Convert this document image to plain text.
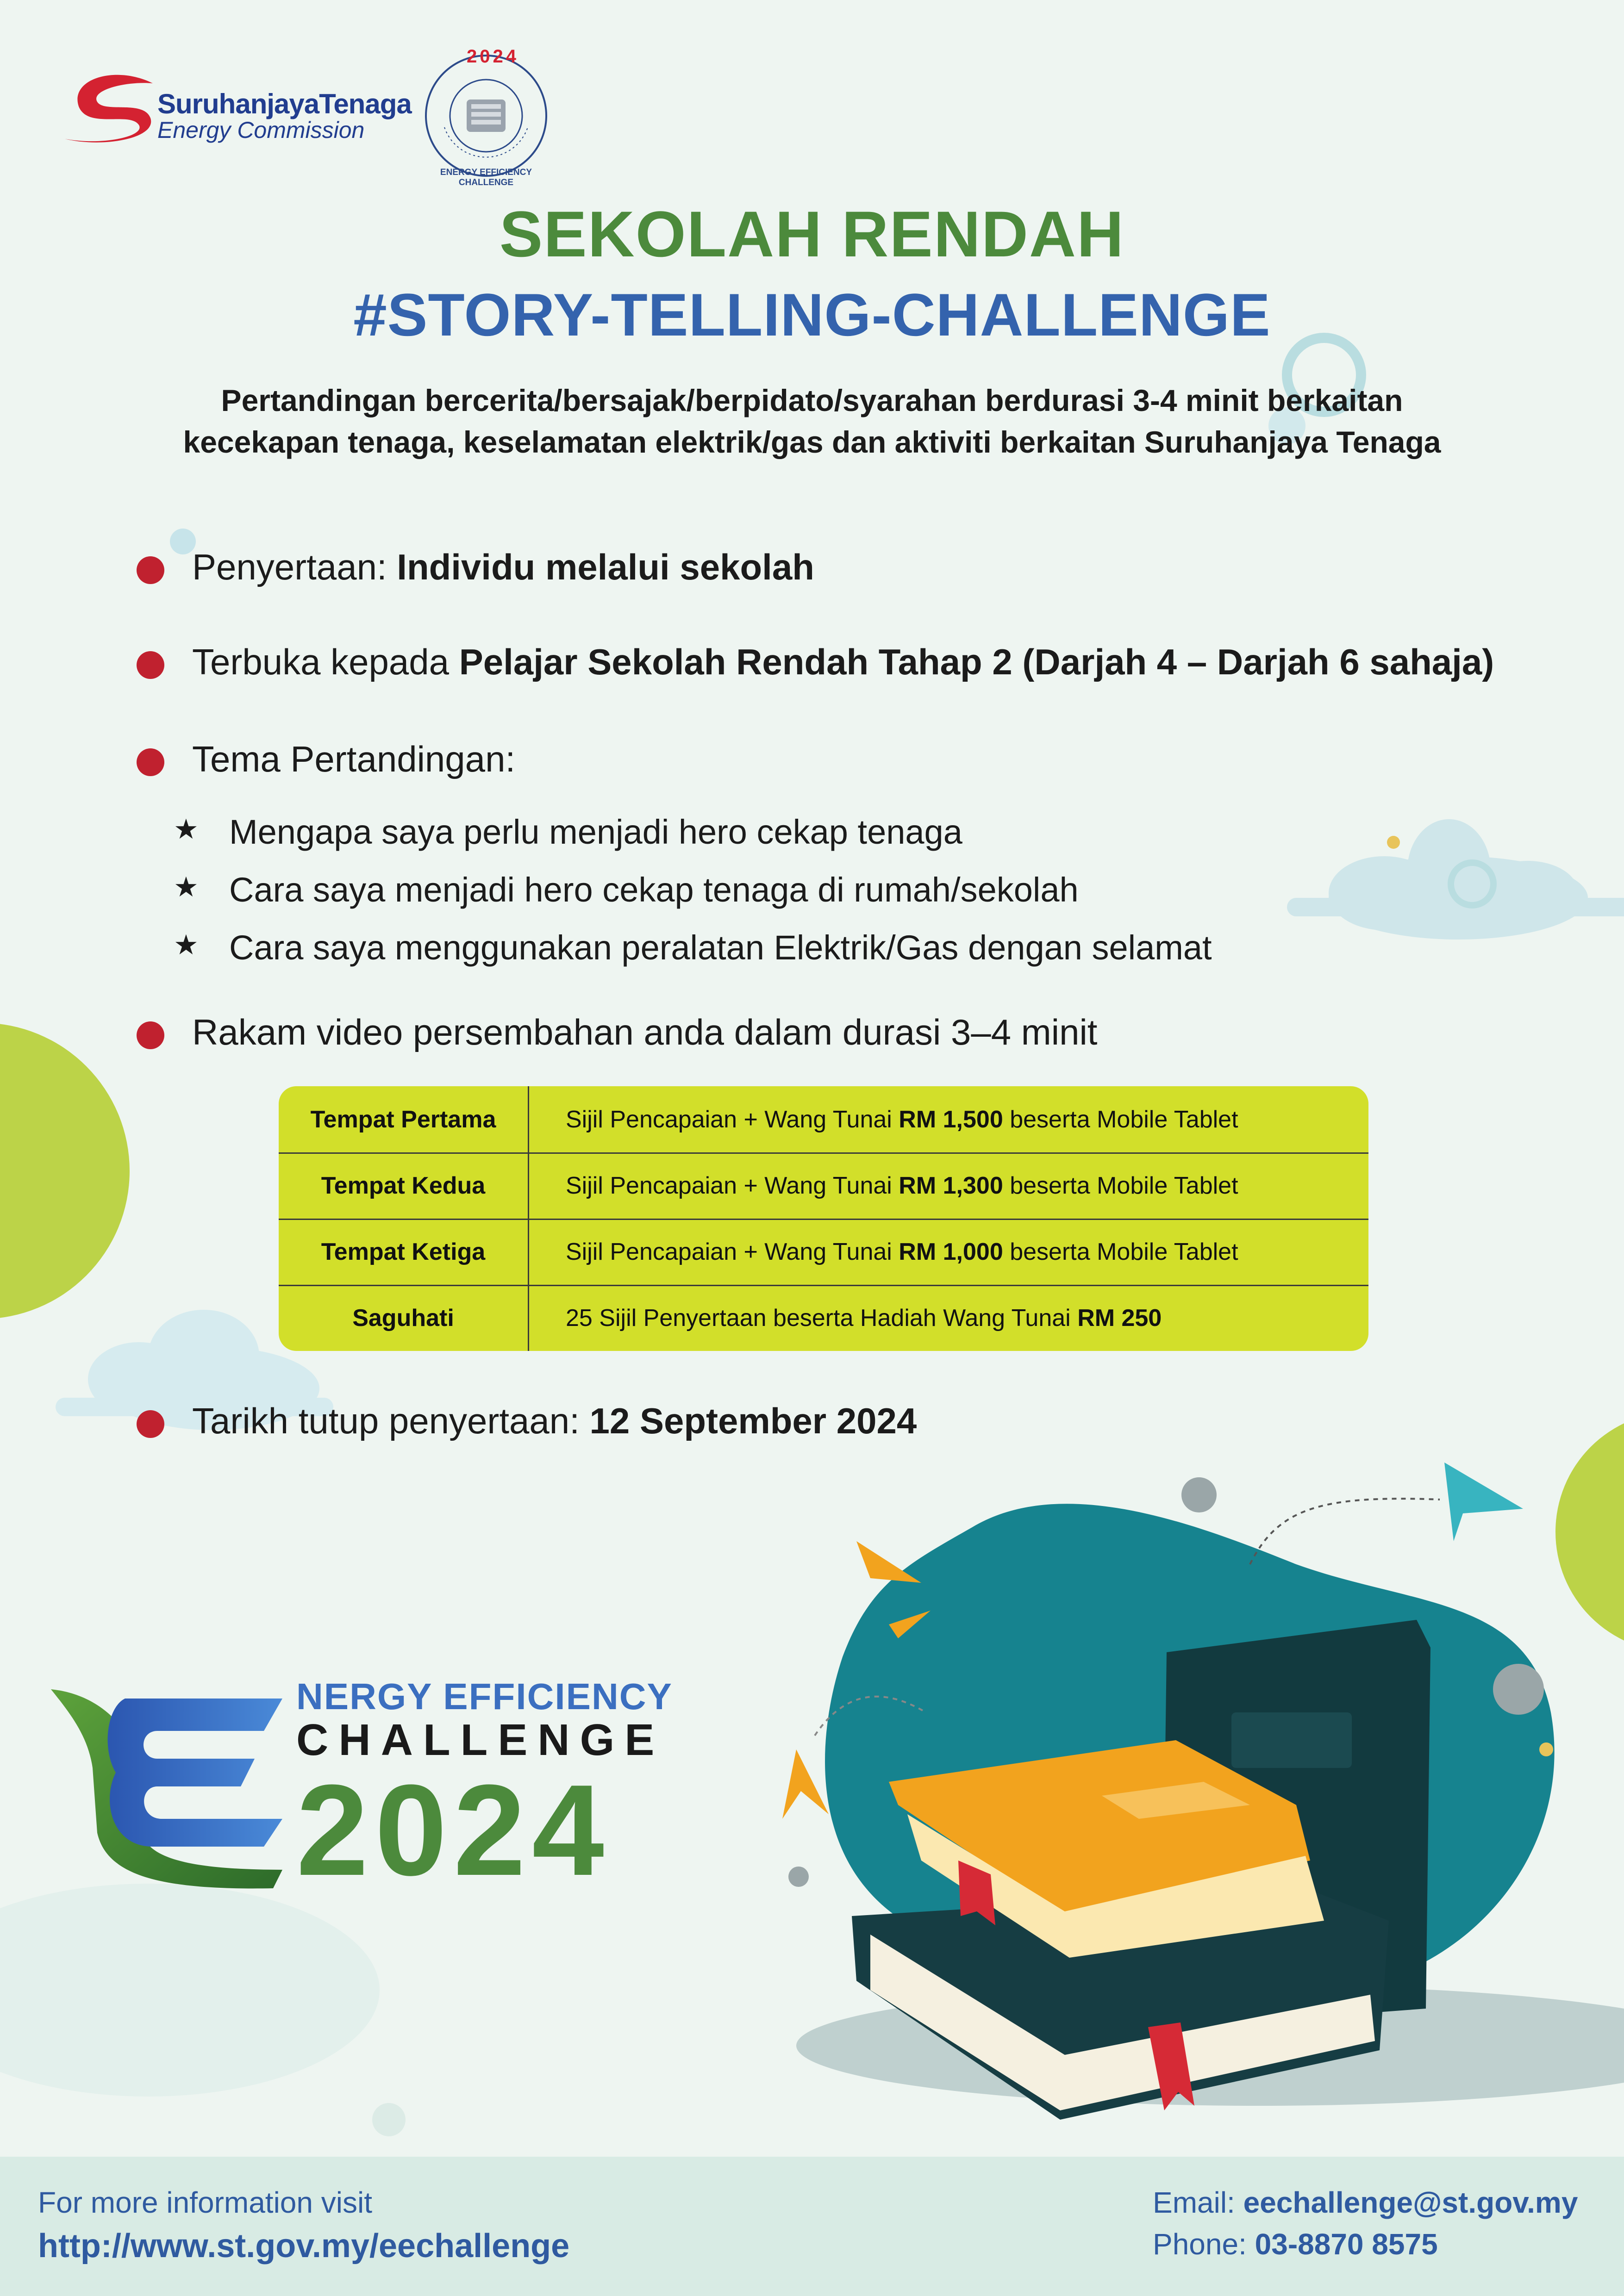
SuruhanjayaTenaga
Energy Commission
2024
ENERGY EFFICIENCY CHALLENGE
SEKOLAH RENDAH
#STORY-TELLING-CHALLENGE
Pertandingan bercerita/bersajak/berpidato/syarahan berdurasi 3-4 minit berkaitan
kecekapan tenaga, keselamatan elektrik/gas dan aktiviti berkaitan Suruhanjaya Tenaga
Penyertaan: Individu melalui sekolah
Terbuka kepada Pelajar Sekolah Rendah Tahap 2 (Darjah 4 – Darjah 6 sahaja)
Tema Pertandingan:
★ Mengapa saya perlu menjadi hero cekap tenaga
★ Cara saya menjadi hero cekap tenaga di rumah/sekolah
★ Cara saya menggunakan peralatan Elektrik/Gas dengan selamat
Rakam video persembahan anda dalam durasi 3–4 minit
Tempat Pertama	Sijil Pencapaian + Wang Tunai RM 1,500 beserta Mobile Tablet
Tempat Kedua	Sijil Pencapaian + Wang Tunai RM 1,300 beserta Mobile Tablet
Tempat Ketiga	Sijil Pencapaian + Wang Tunai RM 1,000 beserta Mobile Tablet
Saguhati	25 Sijil Penyertaan beserta Hadiah Wang Tunai RM 250
Tarikh tutup penyertaan: 12 September 2024
NERGY EFFICIENCY
CHALLENGE
2024
For more information visit
http://www.st.gov.my/eechallenge
Email: eechallenge@st.gov.my
Phone: 03-8870 8575
